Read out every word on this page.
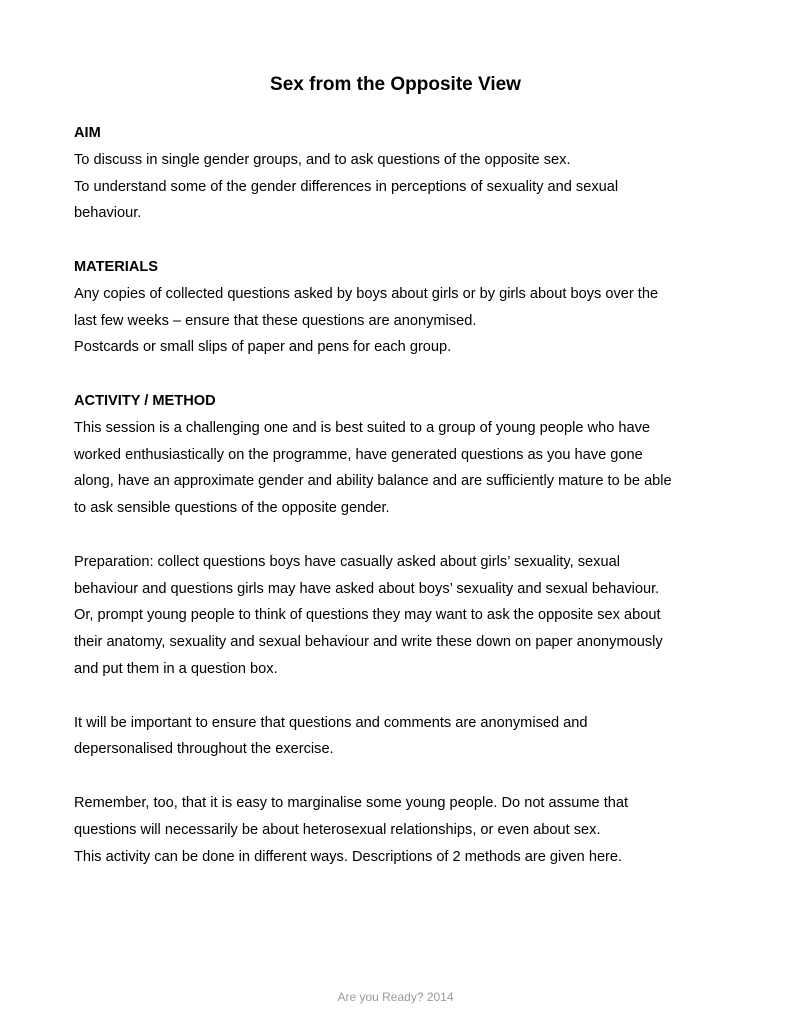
Sex from the Opposite View

AIM

To discuss in single gender groups, and to ask questions of the opposite sex.

To understand some of the gender differences in perceptions of sexuality and sexual

behaviour.

MATERIALS

Any copies of collected questions asked by boys about girls or by girls about boys over the

last few weeks – ensure that these questions are anonymised.

Postcards or small slips of paper and pens for each group.

ACTIVITY / METHOD

This session is a challenging one and is best suited to a group of young people who have

worked enthusiastically on the programme, have generated questions as you have gone

along, have an approximate gender and ability balance and are sufficiently mature to be able

to ask sensible questions of the opposite gender.

Preparation: collect questions boys have casually asked about girls’ sexuality, sexual

behaviour and questions girls may have asked about boys’ sexuality and sexual behaviour.

Or, prompt young people to think of questions they may want to ask the opposite sex about

their anatomy, sexuality and sexual behaviour and write these down on paper anonymously

and put them in a question box.

It will be important to ensure that questions and comments are anonymised and

depersonalised throughout the exercise.

Remember, too, that it is easy to marginalise some young people. Do not assume that

questions will necessarily be about heterosexual relationships, or even about sex.

This activity can be done in different ways. Descriptions of 2 methods are given here.

Are you Ready? 2014
